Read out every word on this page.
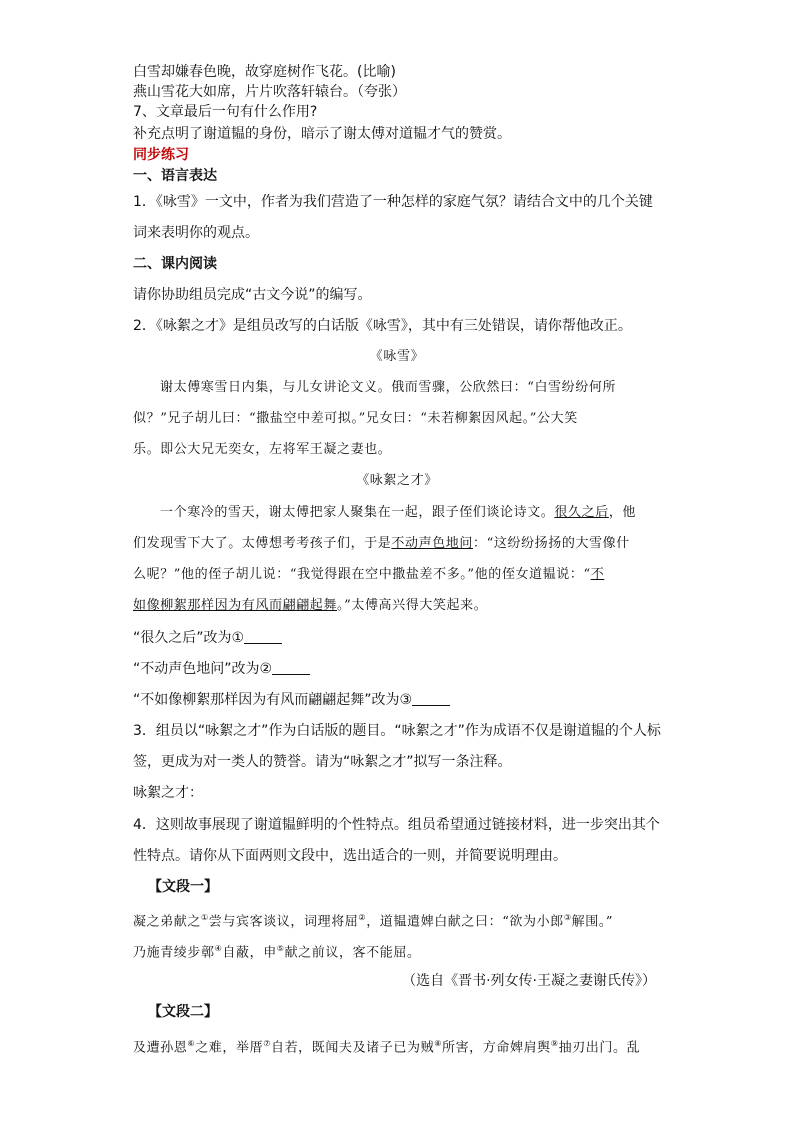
白雪却嫌春色晚，故穿庭树作飞花。(比喻)
燕山雪花大如席，片片吹落轩辕台。（夸张）
7、文章最后一句有什么作用?
补充点明了谢道韫的身份，暗示了谢太傅对道韫才气的赞赏。
同步练习
一、语言表达
1．《咏雪》一文中，作者为我们营造了一种怎样的家庭气氛？请结合文中的几个关键
词来表明你的观点。
二、课内阅读
请你协助组员完成“古文今说”的编写。
2．《咏絮之才》是组员改写的白话版《咏雪》，其中有三处错误，请你帮他改正。
《咏雪》
谢太傅寒雪日内集，与儿女讲论文义。俄而雪骤，公欣然曰：“白雪纷纷何所
似？”兄子胡儿曰：“撒盐空中差可拟。”兄女曰：“未若柳絮因风起。”公大笑
乐。即公大兄无奕女，左将军王凝之妻也。
《咏絮之才》
一个寒冷的雪天，谢太傅把家人聚集在一起，跟子侄们谈论诗文。很久之后，他
们发现雪下大了。太傅想考考孩子们，于是不动声色地问：“这纷纷扬扬的大雪像什
么呢？”他的侄子胡儿说：“我觉得跟在空中撒盐差不多。”他的侄女道韫说：“不
如像柳絮那样因为有风而翩翩起舞。”太傅高兴得大笑起来。
“很久之后”改为①
“不动声色地问”改为②
“不如像柳絮那样因为有风而翩翩起舞”改为③
3．组员以“咏絮之才”作为白话版的题目。“咏絮之才”作为成语不仅是谢道韫的个人标
签，更成为对一类人的赞誉。请为“咏絮之才”拟写一条注释。
咏絮之才：
4．这则故事展现了谢道韫鲜明的个性特点。组员希望通过链接材料，进一步突出其个
性特点。请你从下面两则文段中，选出适合的一则，并简要说明理由。
【文段一】
凝之弟献之①尝与宾客谈议，词理将屈②，道韫遣婢白献之曰：“欲为小郎③解围。”
乃施青绫步鄣④自蔽，申⑤献之前议，客不能屈。
（选自《晋书·列女传·王凝之妻谢氏传》）
【文段二】
及遭孙恩⑥之难，举厝⑦自若，既闻夫及诸子已为贼⑧所害，方命婢肩舆⑨抽刃出门。乱
